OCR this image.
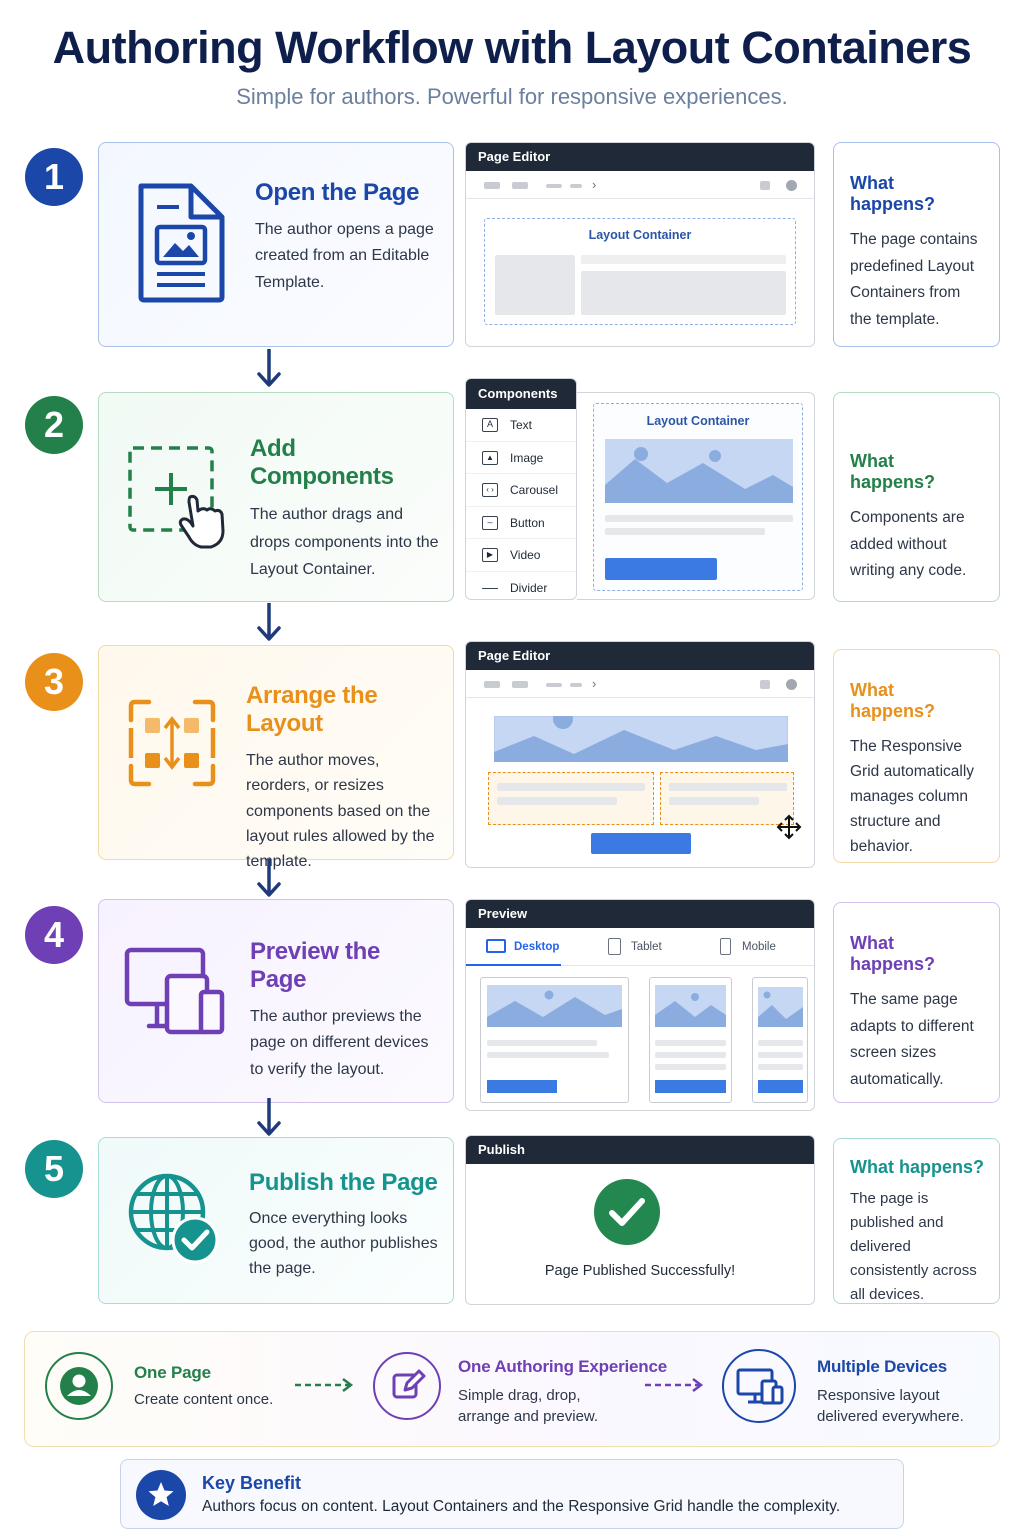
Authoring Workflow with Layout Containers
Simple for authors. Powerful for responsive experiences.
1	Open the Page

The author opens a page created from an Editable Template.

Page Editor
›
Layout Container
What happens?

The page contains predefined Layout Containers from the template.

2
Add Components

The author drags and drops components into the Layout Container.

Components
A	Text
▲	Image
‹ ›	Carousel
–	Button
▶	Video
Divider
Layout Container
What happens?

Components are added without writing any code.

3	Arrange the Layout

The author moves, reorders, or resizes components based on the layout rules allowed by the template.

Page Editor
›	What happens?

The Responsive Grid automatically manages column structure and behavior.

4	Preview the Page

The author previews the page on different devices to verify the layout.

Preview
Desktop	Tablet	Mobile	What happens?

The same page adapts to different screen sizes automatically.

5	Publish the Page

Once everything looks good, the author publishes the page.

Publish
Page Published Successfully!
What happens?

The page is published and delivered consistently across all devices.

One Page
Create content once.
One Authoring Experience
Simple drag, drop, arrange and preview.
Multiple Devices
Responsive layout delivered everywhere.
Key Benefit
Authors focus on content. Layout Containers and the Responsive Grid handle the complexity.
